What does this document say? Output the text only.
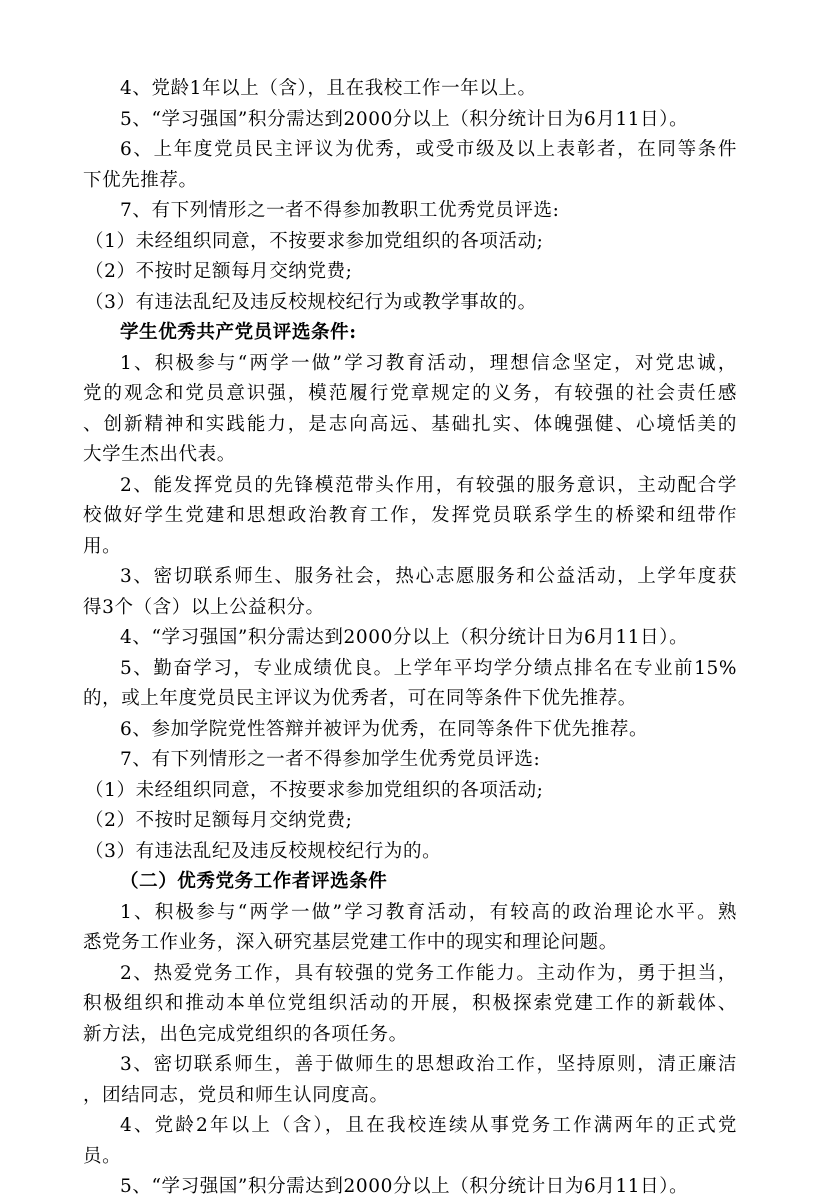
4、党龄1年以上（含），且在我校工作一年以上。
5、“学习强国”积分需达到2000分以上（积分统计日为6月11日）。
6、上年度党员民主评议为优秀，或受市级及以上表彰者，在同等条件
下优先推荐。
7、有下列情形之一者不得参加教职工优秀党员评选:
（1）未经组织同意，不按要求参加党组织的各项活动;
（2）不按时足额每月交纳党费;
（3）有违法乱纪及违反校规校纪行为或教学事故的。
学生优秀共产党员评选条件:
1、积极参与“两学一做”学习教育活动，理想信念坚定，对党忠诚，
党的观念和党员意识强，模范履行党章规定的义务，有较强的社会责任感
、创新精神和实践能力，是志向高远、基础扎实、体魄强健、心境恬美的
大学生杰出代表。
2、能发挥党员的先锋模范带头作用，有较强的服务意识，主动配合学
校做好学生党建和思想政治教育工作，发挥党员联系学生的桥梁和纽带作
用。
3、密切联系师生、服务社会，热心志愿服务和公益活动，上学年度获
得3个（含）以上公益积分。
4、“学习强国”积分需达到2000分以上（积分统计日为6月11日）。
5、勤奋学习，专业成绩优良。上学年平均学分绩点排名在专业前15%
的，或上年度党员民主评议为优秀者，可在同等条件下优先推荐。
6、参加学院党性答辩并被评为优秀，在同等条件下优先推荐。
7、有下列情形之一者不得参加学生优秀党员评选:
（1）未经组织同意，不按要求参加党组织的各项活动;
（2）不按时足额每月交纳党费;
（3）有违法乱纪及违反校规校纪行为的。
（二）优秀党务工作者评选条件
1、积极参与“两学一做”学习教育活动，有较高的政治理论水平。熟
悉党务工作业务，深入研究基层党建工作中的现实和理论问题。
2、热爱党务工作，具有较强的党务工作能力。主动作为，勇于担当，
积极组织和推动本单位党组织活动的开展，积极探索党建工作的新载体、
新方法，出色完成党组织的各项任务。
3、密切联系师生，善于做师生的思想政治工作，坚持原则，清正廉洁
，团结同志，党员和师生认同度高。
4、党龄2年以上（含），且在我校连续从事党务工作满两年的正式党
员。
5、“学习强国”积分需达到2000分以上（积分统计日为6月11日）。
